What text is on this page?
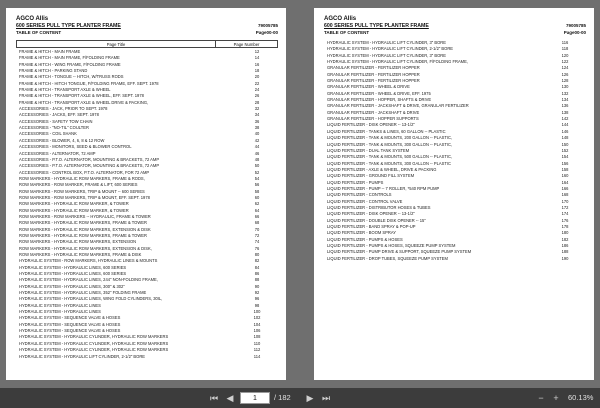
AGCO Allis
600 SERIES PULL TYPE PLANTER FRAME
TABLE OF CONTENT
79005785
Page00-00
Page Title	Page Number
FRAME & HITCH - MAIN FRAME	12
FRAME & HITCH - MAIN FRAME, F/FOLDING FRAME	14
FRAME & HITCH - WING FRAME, F/FOLDING FRAME	16
FRAME & HITCH - PARKING STAND	18
FRAME & HITCH - TONGUE -- HITCH, W/TRUSS RODS	20
FRAME & HITCH - HITCH TONGUE, F/FOLDING FRAME, EFF. SEPT. 1978	22
FRAME & HITCH - TRANSPORT AXLE & WHEEL	24
FRAME & HITCH - TRANSPORT AXLE & WHEEL, EFF. SEPT. 1978	26
FRAME & HITCH - TRANSPORT AXLE & WHEEL DRIVE & PACKING,	28
ACCESSORIES - JACK, PRIOR TO SEPT. 1978	32
ACCESSORIES - JACKS, EFF. SEPT. 1978	34
ACCESSORIES - SAFETY TOW CHAIN	36
ACCESSORIES - "NO-TIL" COULTER	38
ACCESSORIES - COIL SHANK	40
ACCESSORIES - BLOWER, 4, 6, 8 & 12 ROW	42
ACCESSORIES - MONITORS, SEED & BLOWER CONTROL	44
ACCESSORIES - ALTERNATOR, 72 AMP	46
ACCESSORIES - P.T.O. ALTERNATOR, MOUNTING & BRACKETS, 72 AMP	48
ACCESSORIES - P.T.O. ALTERNATOR, MOUNTING & BRACKETS, 72 AMP	50
ACCESSORIES - CONTROL BOX, P.T.O. ALTERNATOR, FOR 72 AMP	52
ROW MARKERS - HYDRAULIC ROW MARKERS, FRAME & RODS,	54
ROW MARKERS - ROW MARKER, FRAME & LIFT, 600 SERIES	56
ROW MARKERS - ROW MARKERS, TRIP & MOUNT -- 600 SERIES	58
ROW MARKERS - ROW MARKERS, TRIP & MOUNT, EFF. SEPT. 1978	60
ROW MARKERS - HYDRAULIC ROW MARKER, & TOWER	62
ROW MARKERS - HYDRAULIC ROW MARKER, & TOWER	64
ROW MARKERS - ROW MARKERS -- HYDRAULIC, FRAME & TOWER	66
ROW MARKERS - HYDRAULIC ROW MARKERS, FRAME & TOWER	68
ROW MARKERS - HYDRAULIC ROW MARKERS, EXTENSION & DISK	70
ROW MARKERS - HYDRAULIC ROW MARKERS, FRAME & TOWER	72
ROW MARKERS - HYDRAULIC ROW MARKERS, EXTENSION	74
ROW MARKERS - HYDRAULIC ROW MARKERS, EXTENSION & DISK,	76
ROW MARKERS - HYDRAULIC ROW MARKERS, FRAME & DISK	80
HYDRAULIC SYSTEM - ROW MARKERS, HYDRAULIC LINES & MOUNTS	82
HYDRAULIC SYSTEM - HYDRAULIC LINES, 600 SERIES	84
HYDRAULIC SYSTEM - HYDRAULIC LINES, 600 SERIES	86
HYDRAULIC SYSTEM - HYDRAULIC LINES, 244" NON-FOLDING FRAME,	88
HYDRAULIC SYSTEM - HYDRAULIC LINES, 300" & 302"	90
HYDRAULIC SYSTEM - HYDRAULIC LINES, 352" FOLDING FRAME	92
HYDRAULIC SYSTEM - HYDRAULIC LINES, WING FOLD CYLINDERS, 30IL,	96
HYDRAULIC SYSTEM - HYDRAULIC LINES	98
HYDRAULIC SYSTEM - HYDRAULIC LINES	100
HYDRAULIC SYSTEM - SEQUENCE VALVE & HOSES	102
HYDRAULIC SYSTEM - SEQUENCE VALVE & HOSES	104
HYDRAULIC SYSTEM - SEQUENCE VALVE & HOSES	106
HYDRAULIC SYSTEM - HYDRAULIC CYLINDER, HYDRAULIC ROW MARKERS	108
HYDRAULIC SYSTEM - HYDRAULIC CYLINDER, HYDRAULIC ROW MARKERS	110
HYDRAULIC SYSTEM - HYDRAULIC CYLINDER, HYDRAULIC ROW MARKERS	112
HYDRAULIC SYSTEM - HYDRAULIC LIFT CYLINDER, 2-1/2" BORE	114
AGCO Allis
600 SERIES PULL TYPE PLANTER FRAME
TABLE OF CONTENT
79005785
Page00-00
HYDRAULIC SYSTEM - HYDRAULIC LIFT CYLINDER, 3" BORE	116
HYDRAULIC SYSTEM - HYDRAULIC LIFT CYLINDER, 2-1/2" BORE	118
HYDRAULIC SYSTEM - HYDRAULIC LIFT CYLINDER, 3" BORE	120
HYDRAULIC SYSTEM - HYDRAULIC LIFT CYLINDER, F/FOLDING FRAME,	122
GRANULAR FERTILIZER - FERTILIZER HOPPER	124
GRANULAR FERTILIZER - FERTILIZER HOPPER	126
GRANULAR FERTILIZER - FERTILIZER HOPPER	128
GRANULAR FERTILIZER - WHEEL & DRIVE	130
GRANULAR FERTILIZER - WHEEL & DRIVE, EFF. 1975	132
GRANULAR FERTILIZER - HOPPER, SHAFTS & DRIVE	134
GRANULAR FERTILIZER - JACKSHAFT & DRIVE, GRANULAR FERTILIZER	136
GRANULAR FERTILIZER - JACKSHAFT & DRIVE	138
GRANULAR FERTILIZER - HOPPER SUPPORTS	142
LIQUID FERTILIZER - DISK OPENER -- 13-1/2"	144
LIQUID FERTILIZER - TANKS & LINES, 60 GALLON -- PLASTIC	146
LIQUID FERTILIZER - TANK & MOUNTS, 200 GALLON -- PLASTIC,	148
LIQUID FERTILIZER - TANK & MOUNTS, 300 GALLON -- PLASTIC,	150
LIQUID FERTILIZER - DUAL TANK SYSTEM	152
LIQUID FERTILIZER - TANK & MOUNTS, 500 GALLON -- PLASTIC,	154
LIQUID FERTILIZER - TANK & MOUNTS, 300 GALLON -- PLASTIC	156
LIQUID FERTILIZER - AXLE & WHEEL, DRIVE & PACKING	158
LIQUID FERTILIZER - GROUND FILL SYSTEM	160
LIQUID FERTILIZER - PUMPS	164
LIQUID FERTILIZER - PUMP -- 7 ROLLER, *540 RPM PUMP	166
LIQUID FERTILIZER - CONTROLS	168
LIQUID FERTILIZER - CONTROL VALVE	170
LIQUID FERTILIZER - DISTRIBUTOR HOSES & TUBES	172
LIQUID FERTILIZER - DISK OPENER -- 13-1/2"	174
LIQUID FERTILIZER - DOUBLE DISK OPENER -- 15"	176
LIQUID FERTILIZER - BAND SPRAY & POP-UP	178
LIQUID FERTILIZER - BOOM SPRAY	180
LIQUID FERTILIZER - PUMPS & HOSES	182
LIQUID FERTILIZER - PUMPS & HOSES, SQUEEZE PUMP SYSTEM	186
LIQUID FERTILIZER - PUMP DRIVE & SUPPORT, SQUEEZE PUMP SYSTEM	188
LIQUID FERTILIZER - DROP TUBES, SQUEEZE PUMP SYSTEM	190
⏮ ◀
1	/ 182 ▶ ⏭	−	+	60.13%
